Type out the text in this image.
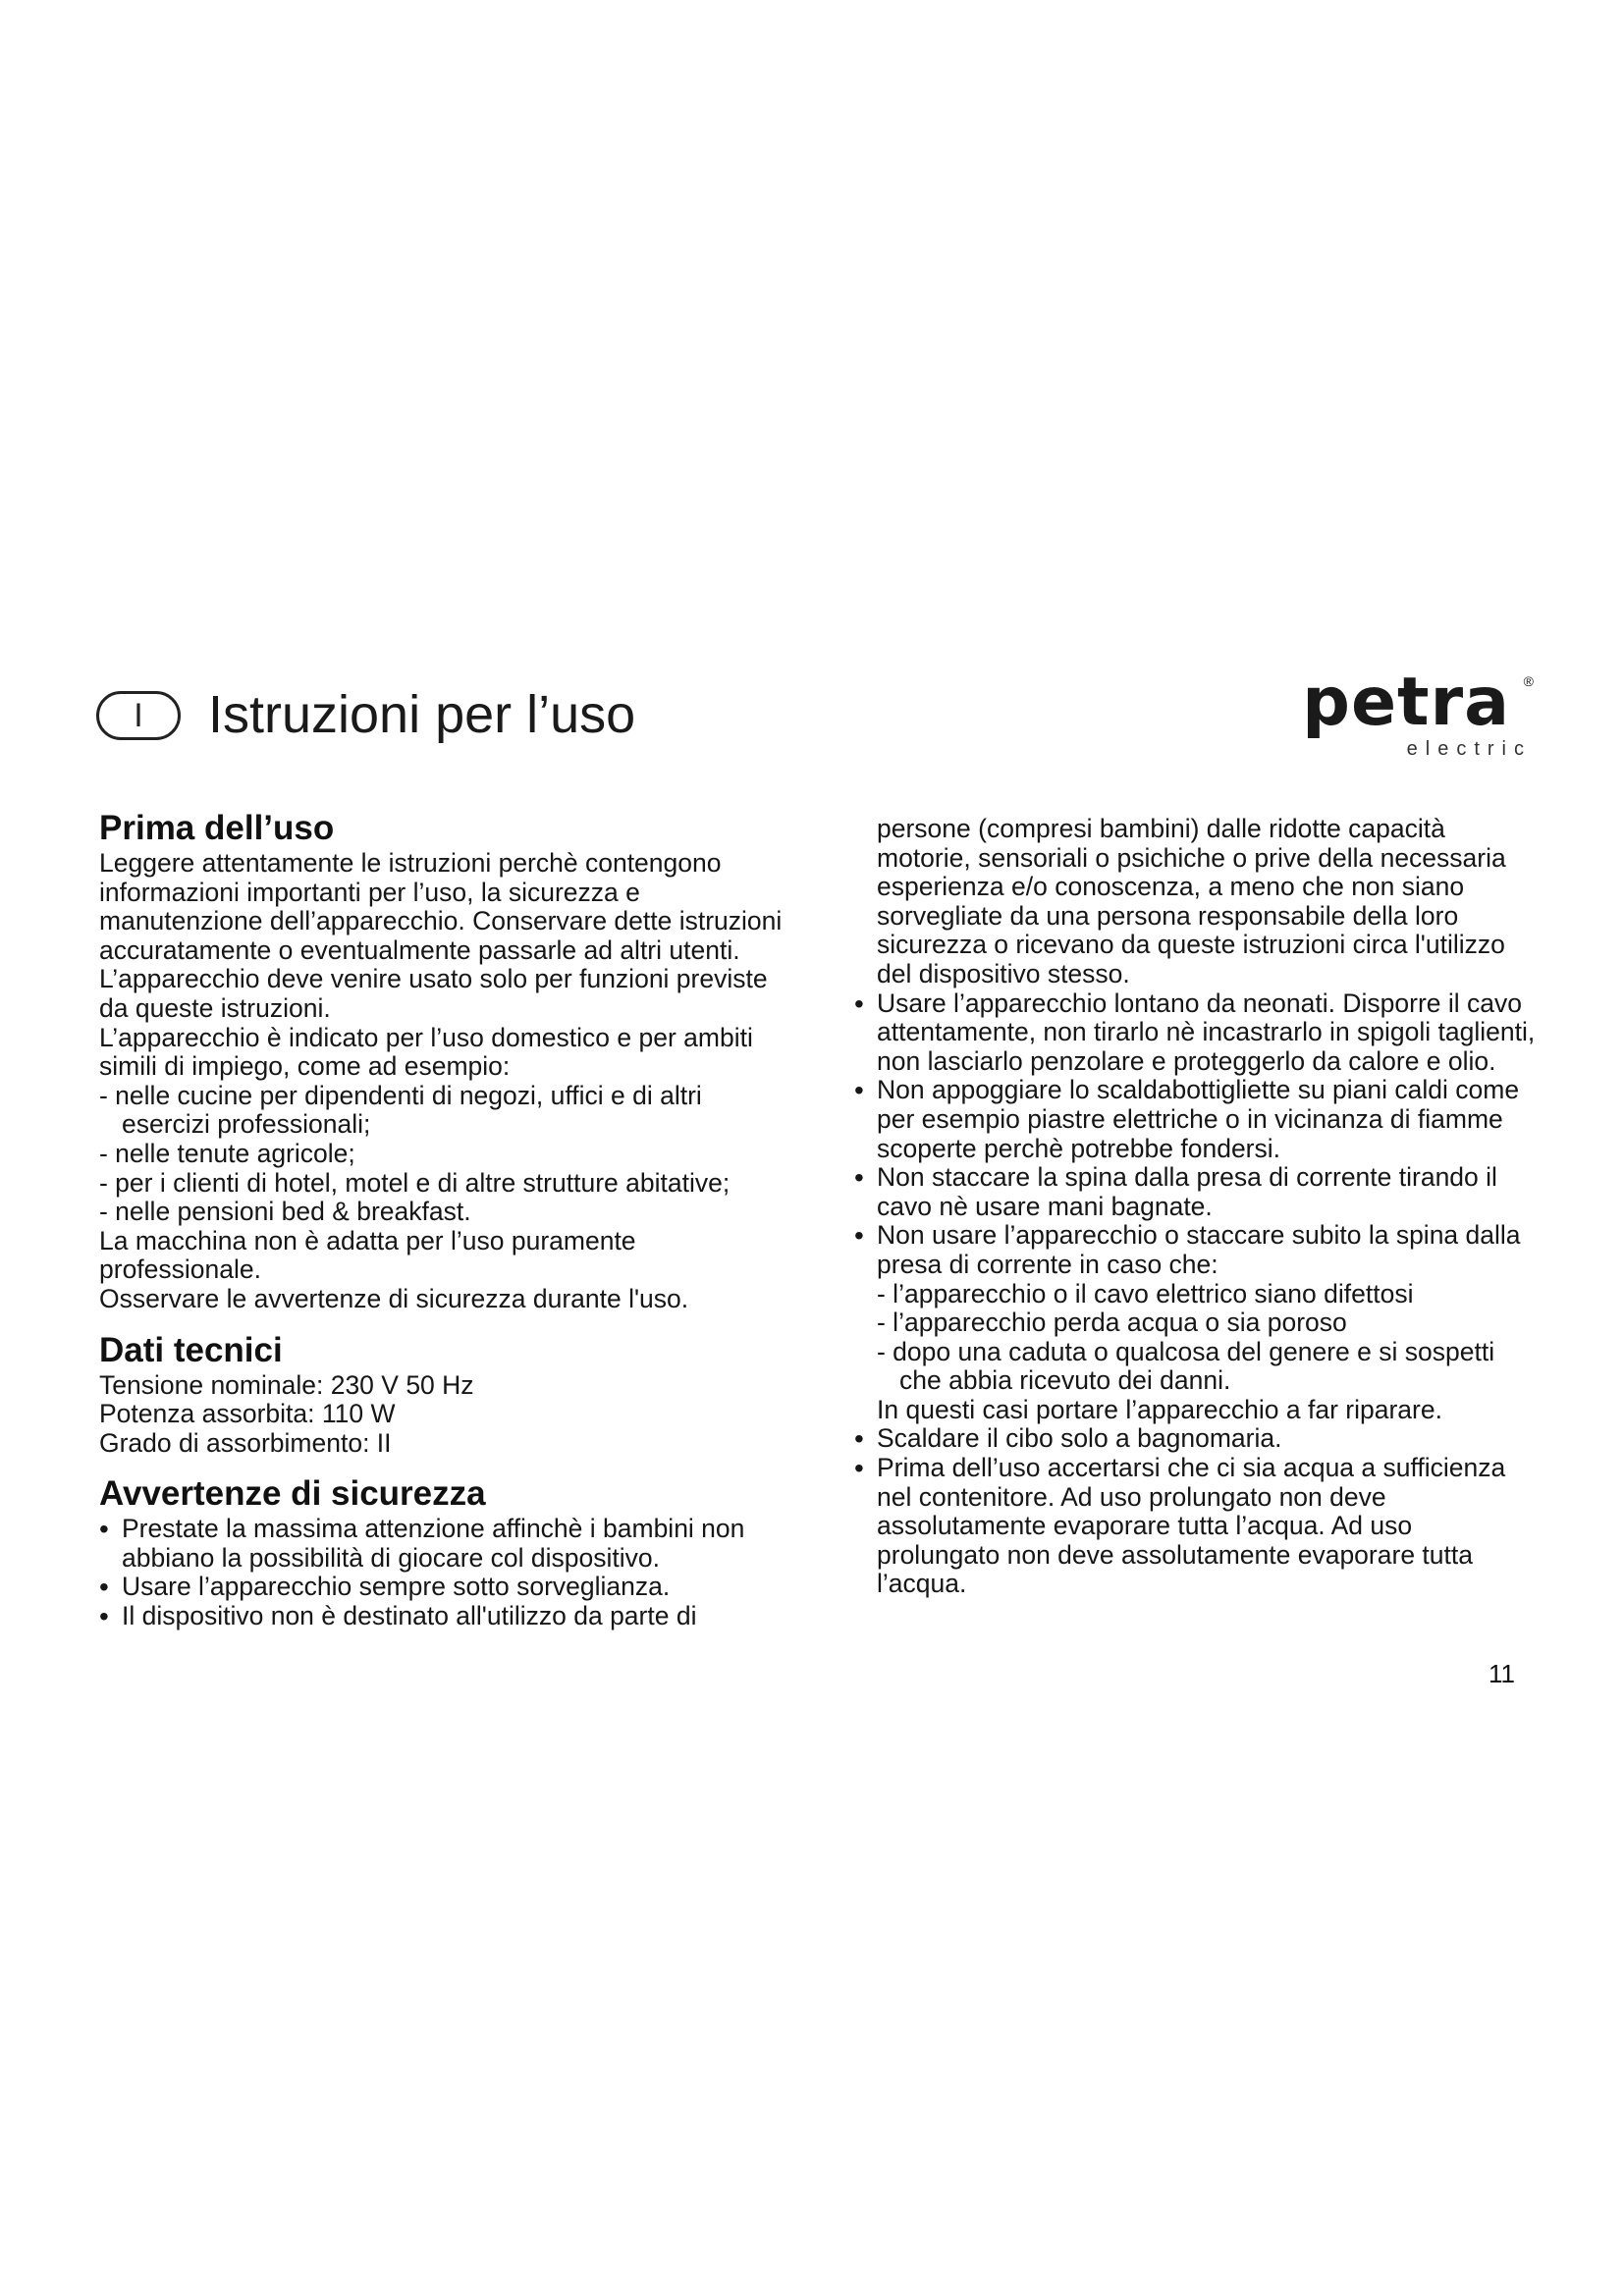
I	Istruzioni per l’uso	petra ®
electric
Prima dell’uso

Leggere attentamente le istruzioni perchè contengono informazioni importanti per l’uso, la sicurezza e manutenzione dell’apparecchio. Conservare dette istruzioni accuratamente o eventualmente passarle ad altri utenti.

L’apparecchio deve venire usato solo per funzioni previste da queste istruzioni.

L’apparecchio è indicato per l’uso domestico e per ambiti simili di impiego, come ad esempio:

- nelle cucine per dipendenti di negozi, uffici e di altri esercizi professionali;

- nelle tenute agricole;

- per i clienti di hotel, motel e di altre strutture abitative;

- nelle pensioni bed & breakfast.

La macchina non è adatta per l’uso puramente professionale.

Osservare le avvertenze di sicurezza durante l'uso.

Dati tecnici

Tensione nominale: 230 V 50 Hz

Potenza assorbita: 110 W

Grado di assorbimento: II

Avvertenze di sicurezza

• Prestate la massima attenzione affinchè i bambini non abbiano la possibilità di giocare col dispositivo.

• Usare l’apparecchio sempre sotto sorveglianza.

• Il dispositivo non è destinato all'utilizzo da parte di

persone (compresi bambini) dalle ridotte capacità motorie, sensoriali o psichiche o prive della necessaria esperienza e/o conoscenza, a meno che non siano sorvegliate da una persona responsabile della loro sicurezza o ricevano da queste istruzioni circa l'utilizzo del dispositivo stesso.

• Usare l’apparecchio lontano da neonati. Disporre il cavo attentamente, non tirarlo nè incastrarlo in spigoli taglienti, non lasciarlo penzolare e proteggerlo da calore e olio.

• Non appoggiare lo scaldabottigliette su piani caldi come per esempio piastre elettriche o in vicinanza di fiamme scoperte perchè potrebbe fondersi.

• Non staccare la spina dalla presa di corrente tirando il cavo nè usare mani bagnate.

• Non usare l’apparecchio o staccare subito la spina dalla presa di corrente in caso che:

- l’apparecchio o il cavo elettrico siano difettosi

- l’apparecchio perda acqua o sia poroso

- dopo una caduta o qualcosa del genere e si sospetti che abbia ricevuto dei danni.

In questi casi portare l’apparecchio a far riparare.

• Scaldare il cibo solo a bagnomaria.

• Prima dell’uso accertarsi che ci sia acqua a sufficienza nel contenitore. Ad uso prolungato non deve assolutamente evaporare tutta l’acqua. Ad uso prolungato non deve assolutamente evaporare tutta l’acqua.

11
